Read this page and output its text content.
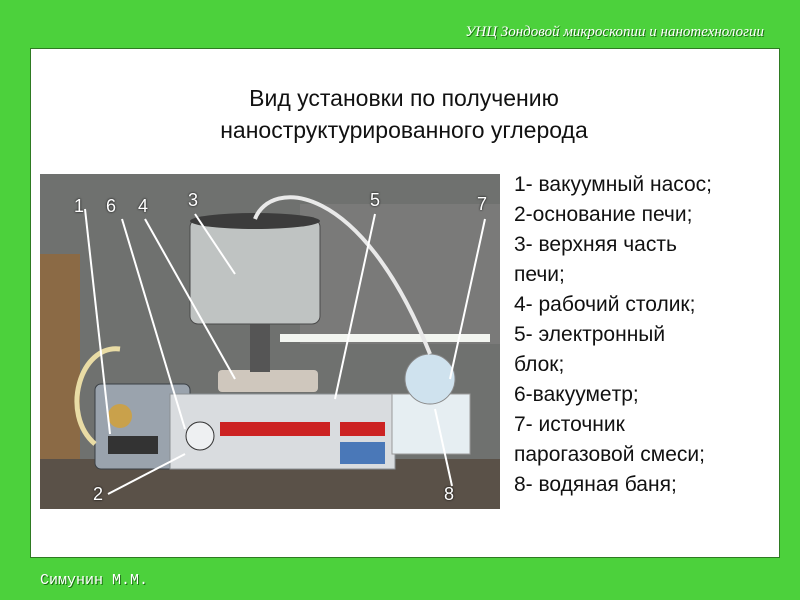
УНЦ Зондовой микроскопии и нанотехнологии
Вид установки по получению
наноструктурированного углерода
1 6 4 3	5	7
2	8
1- вакуумный насос;
2-основание печи;
3- верхняя часть
печи;
4- рабочий столик;
5- электронный
блок;
6-вакуумeтр;
7- источник
парогазовой смеси;
8- водяная баня;
Симунин М.М.
